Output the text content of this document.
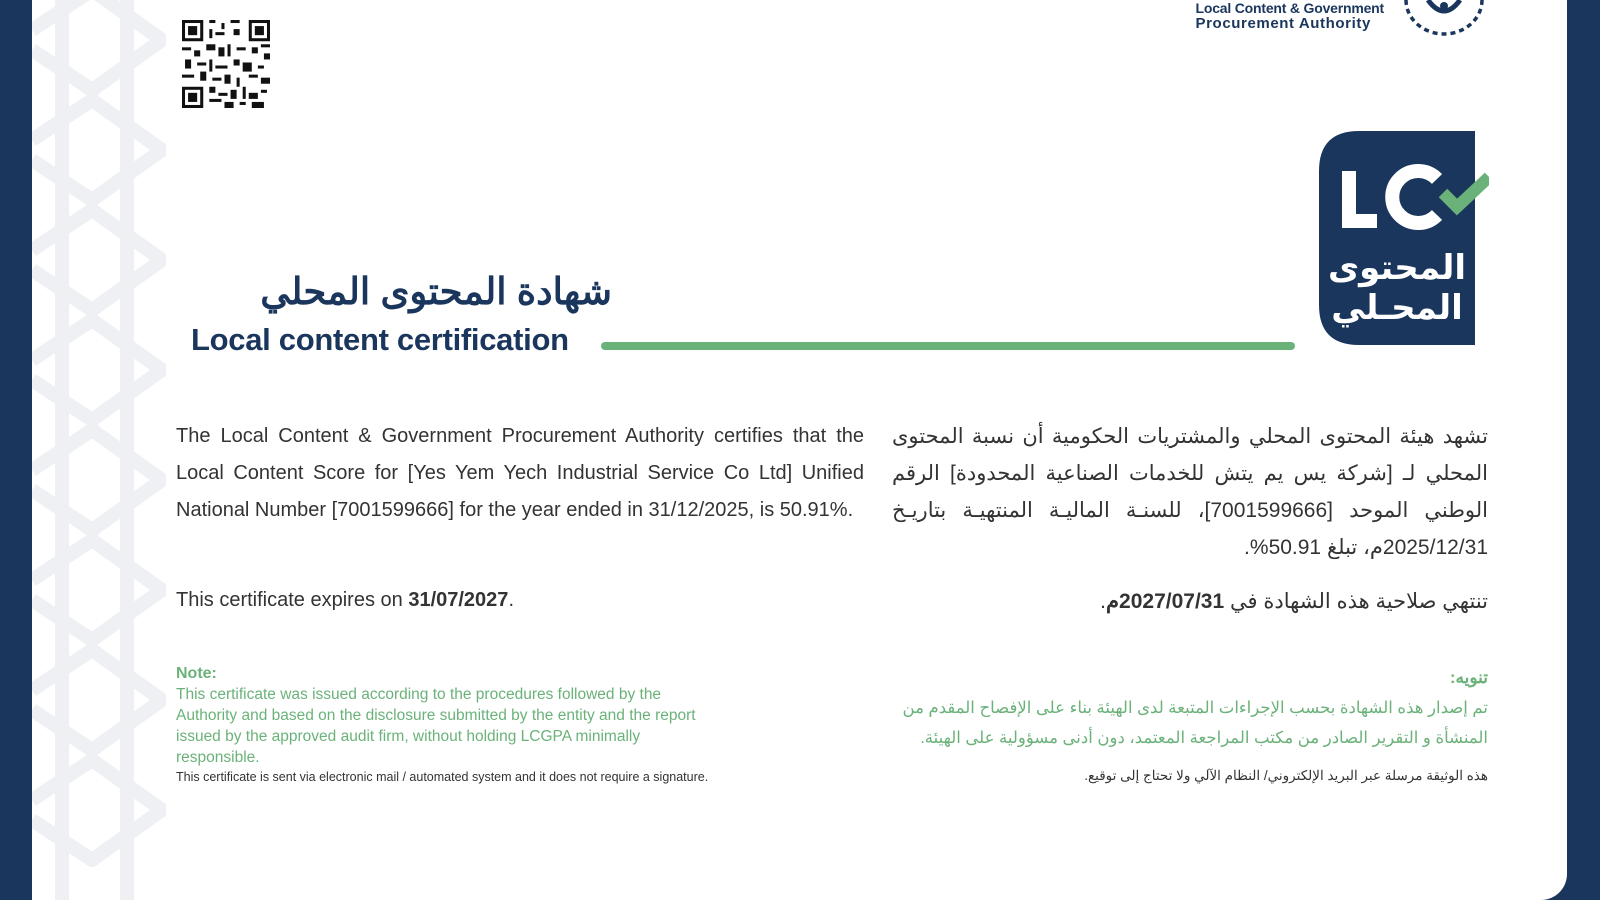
Local Content & Government
Procurement Authority
المحتوى
المحـلي
شهادة المحتوى المحلي
Local content certification
The Local Content & Government Procurement Authority certifies that the Local Content Score for [Yes Yem Yech Industrial Service Co Ltd] Unified National Number [7001599666] for the year ended in 31/12/2025, is 50.91%.
تشهد هيئة المحتوى المحلي والمشتريات الحكومية أن نسبة المحتوى المحلي لـ [شركة يس يم يتش للخدمات الصناعية المحدودة] الرقم الوطني الموحد [7001599666]، للسنـة الماليـة المنتهيـة بتاريـخ 2025/12/31م، تبلغ 50.91%.
This certificate expires on 31/07/2027.	تنتهي صلاحية هذه الشهادة في 2027/07/31م.
Note:
This certificate was issued according to the procedures followed by the Authority and based on the disclosure submitted by the entity and the report issued by the approved audit firm, without holding LCGPA minimally responsible.
This certificate is sent via electronic mail / automated system and it does not require a signature.
تنويه:
تم إصدار هذه الشهادة بحسب الإجراءات المتبعة لدى الهيئة بناء على الإفصاح المقدم من المنشأة و التقرير الصادر من مكتب المراجعة المعتمد، دون أدنى مسؤولية على الهيئة.
هذه الوثيقة مرسلة عبر البريد الإلكتروني/ النظام الآلي ولا تحتاج إلى توقيع.
